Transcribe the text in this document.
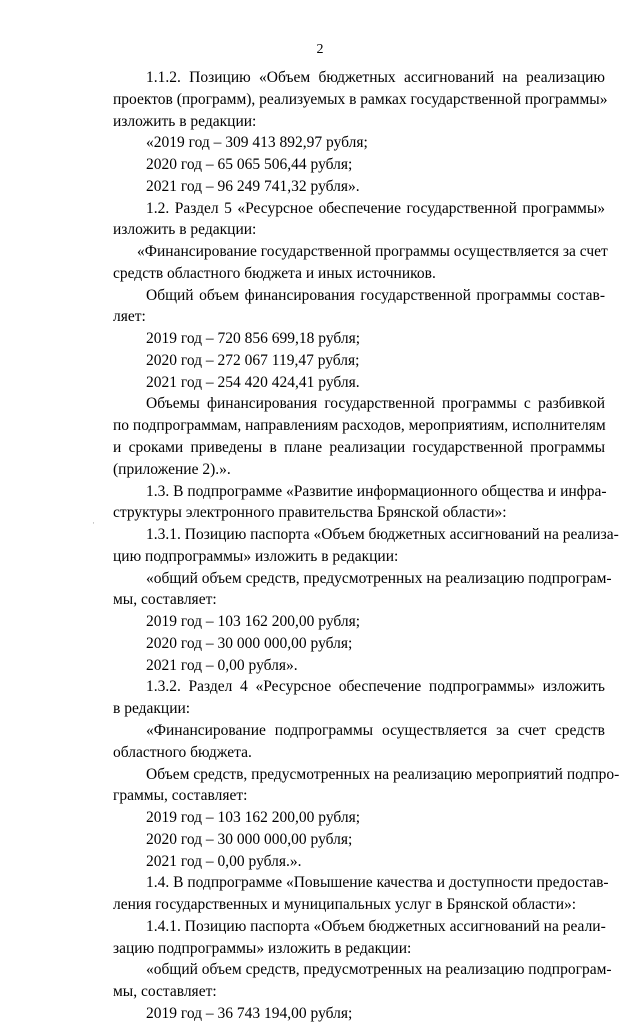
2
·
1.1.2. Позицию «Объем бюджетных ассигнований на реализацию
проектов (программ), реализуемых в рамках государственной программы»
изложить в редакции:
«2019 год – 309 413 892,97 рубля;
2020 год – 65 065 506,44 рубля;
2021 год – 96 249 741,32 рубля».
1.2. Раздел 5 «Ресурсное обеспечение государственной программы»
изложить в редакции:
«Финансирование государственной программы осуществляется за счет
средств областного бюджета и иных источников.
Общий объем финансирования государственной программы состав-
ляет:
2019 год – 720 856 699,18 рубля;
2020 год – 272 067 119,47 рубля;
2021 год – 254 420 424,41 рубля.
Объемы финансирования государственной программы с разбивкой
по подпрограммам, направлениям расходов, мероприятиям, исполнителям
и сроками приведены в плане реализации государственной программы
(приложение 2).».
1.3. В подпрограмме «Развитие информационного общества и инфра-
структуры электронного правительства Брянской области»:
1.3.1. Позицию паспорта «Объем бюджетных ассигнований на реализа-
цию подпрограммы» изложить в редакции:
«общий объем средств, предусмотренных на реализацию подпрограм-
мы, составляет:
2019 год – 103 162 200,00 рубля;
2020 год – 30 000 000,00 рубля;
2021 год – 0,00 рубля».
1.3.2. Раздел 4 «Ресурсное обеспечение подпрограммы» изложить
в редакции:
«Финансирование подпрограммы осуществляется за счет средств
областного бюджета.
Объем средств, предусмотренных на реализацию мероприятий подпро-
граммы, составляет:
2019 год – 103 162 200,00 рубля;
2020 год – 30 000 000,00 рубля;
2021 год – 0,00 рубля.».
1.4. В подпрограмме «Повышение качества и доступности предостав-
ления государственных и муниципальных услуг в Брянской области»:
1.4.1. Позицию паспорта «Объем бюджетных ассигнований на реали-
зацию подпрограммы» изложить в редакции:
«общий объем средств, предусмотренных на реализацию подпрограм-
мы, составляет:
2019 год – 36 743 194,00 рубля;
